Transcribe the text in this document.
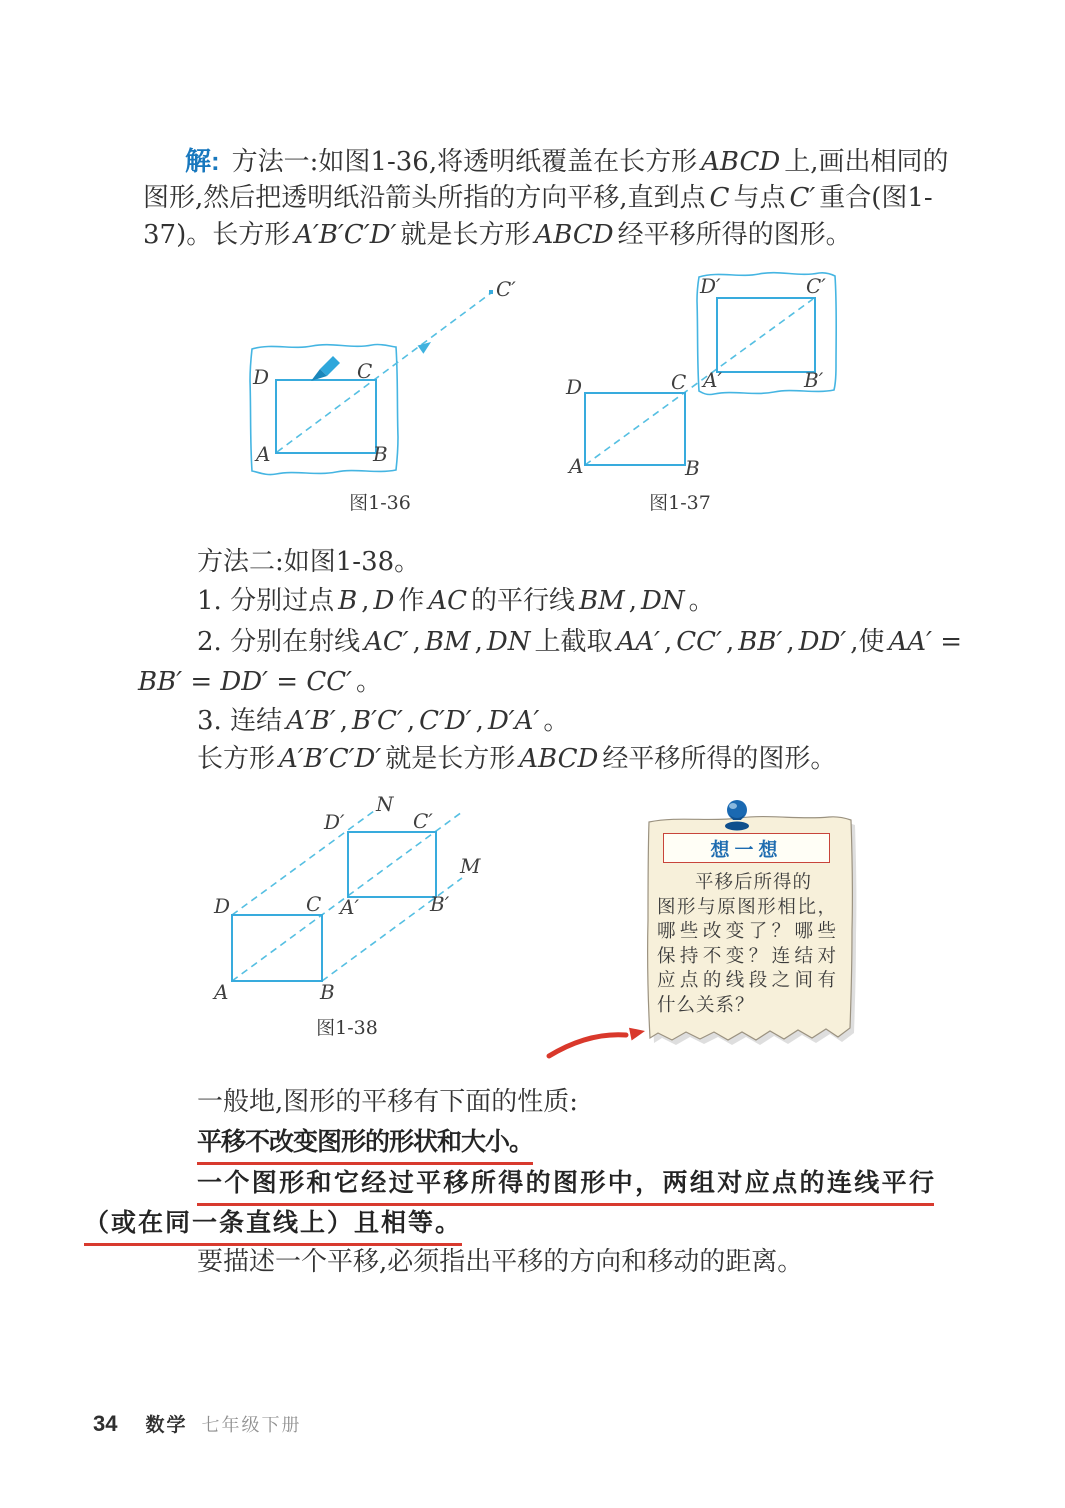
解: 方法一:如图1-36,将透明纸覆盖在长方形 ABCD 上,画出相同的
图形,然后把透明纸沿箭头所指的方向平移,直到点 C 与点 C′ 重合(图1-
37)。长方形 A′B′C′D′ 就是长方形 ABCD 经平移所得的图形。
D	C
A	B
C′
图1-36
D	C
A	B
D′	C′
A′	B′
图1-37
方法二:如图1-38。
1. 分别过点 B , D 作 AC 的平行线 BM , DN 。
2. 分别在射线 AC′ , BM , DN 上截取 AA′ , CC′ , BB′ , DD′ ,使 AA′ =
BB′ = DD′ = CC′ 。
3. 连结 A′B′ , B′C′ , C′D′ , D′A′ 。
长方形 A′B′C′D′ 就是长方形 ABCD 经平移所得的图形。
D	C
A	B
D′	C′
A′	B′
N
M
图1-38
想一想
平移后所得的
图形与原图形相比，
哪些改变了？哪些
保持不变？连结对
应点的线段之间有
什么关系？
一般地,图形的平移有下面的性质:
平移不改变图形的形状和大小。
一个图形和它经过平移所得的图形中，两组对应点的连线平行
（或在同一条直线上）且相等。
要描述一个平移,必须指出平移的方向和移动的距离。
34 数学 七年级下册
